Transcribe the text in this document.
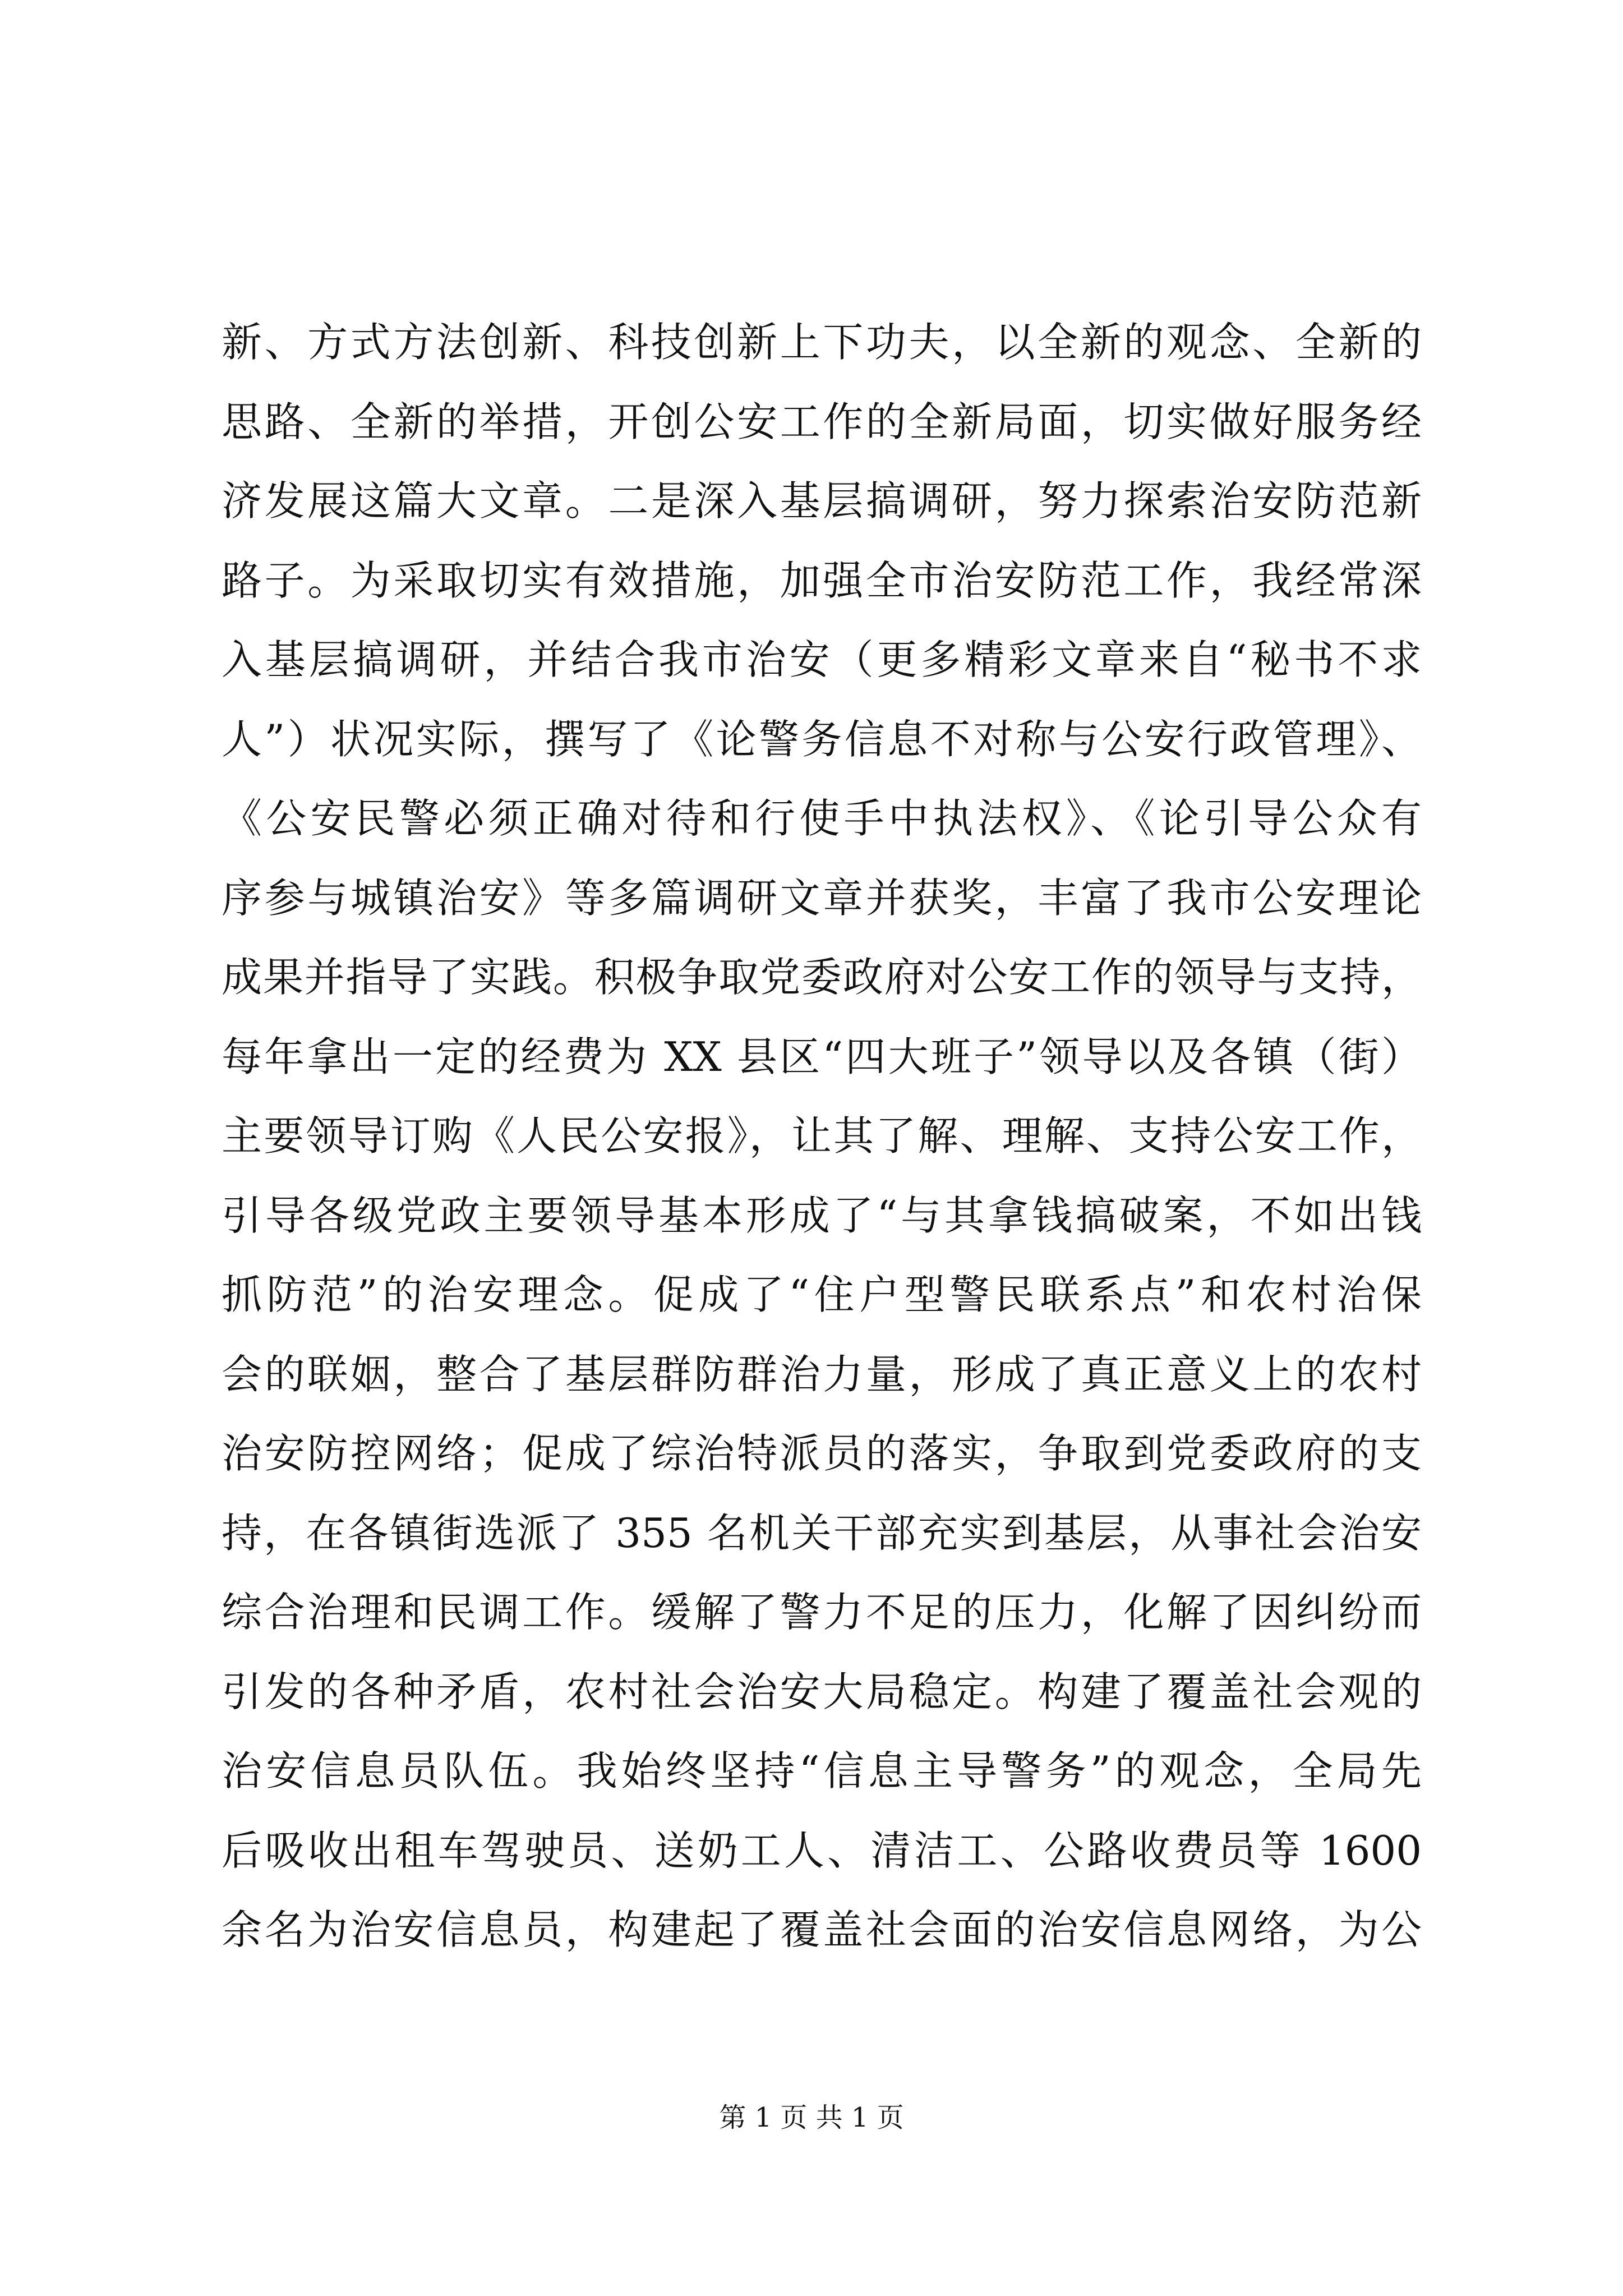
新、方式方法创新、科技创新上下功夫，以全新的观念、全新的
思路、全新的举措，开创公安工作的全新局面，切实做好服务经
济发展这篇大文章。二是深入基层搞调研，努力探索治安防范新
路子。为采取切实有效措施，加强全市治安防范工作，我经常深
入基层搞调研，并结合我市治安（更多精彩文章来自“秘书不求
人”）状况实际，撰写了《论警务信息不对称与公安行政管理》、
《公安民警必须正确对待和行使手中执法权》、《论引导公众有
序参与城镇治安》等多篇调研文章并获奖，丰富了我市公安理论
成果并指导了实践。积极争取党委政府对公安工作的领导与支持，
每年拿出一定的经费为 XX 县区“四大班子”领导以及各镇（街）
主要领导订购《人民公安报》，让其了解、理解、支持公安工作，
引导各级党政主要领导基本形成了“与其拿钱搞破案，不如出钱
抓防范”的治安理念。促成了“住户型警民联系点”和农村治保
会的联姻，整合了基层群防群治力量，形成了真正意义上的农村
治安防控网络；促成了综治特派员的落实，争取到党委政府的支
持，在各镇街选派了 355 名机关干部充实到基层，从事社会治安
综合治理和民调工作。缓解了警力不足的压力，化解了因纠纷而
引发的各种矛盾，农村社会治安大局稳定。构建了覆盖社会观的
治安信息员队伍。我始终坚持“信息主导警务”的观念，全局先
后吸收出租车驾驶员、送奶工人、清洁工、公路收费员等 1600
余名为治安信息员，构建起了覆盖社会面的治安信息网络，为公
第 1 页 共 1 页
